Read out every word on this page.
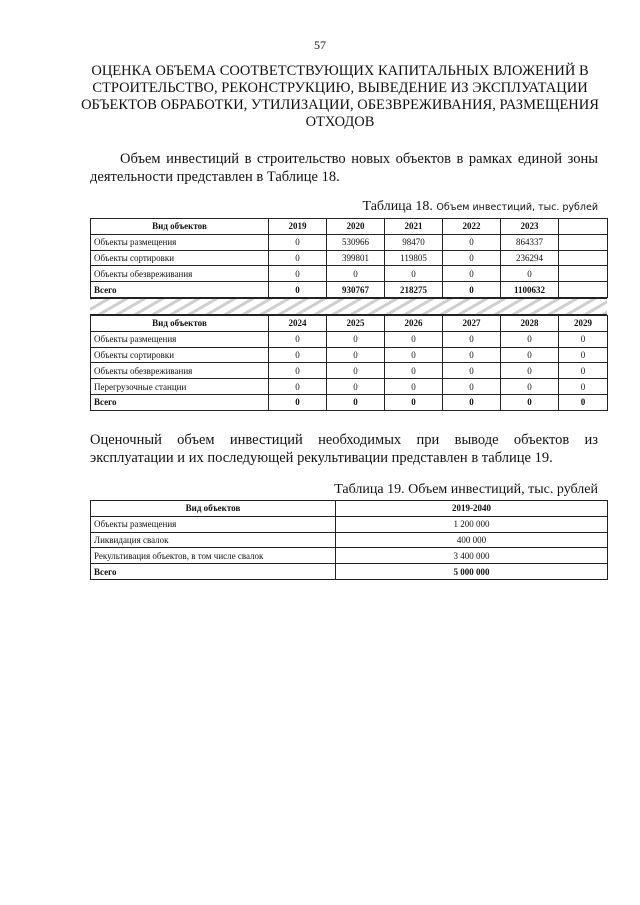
57
ОЦЕНКА ОБЪЕМА СООТВЕТСТВУЮЩИХ КАПИТАЛЬНЫХ ВЛОЖЕНИЙ В СТРОИТЕЛЬСТВО, РЕКОНСТРУКЦИЮ, ВЫВЕДЕНИЕ ИЗ ЭКСПЛУАТАЦИИ ОБЪЕКТОВ ОБРАБОТКИ, УТИЛИЗАЦИИ, ОБЕЗВРЕЖИВАНИЯ, РАЗМЕЩЕНИЯ ОТХОДОВ
Объем инвестиций в строительство новых объектов в рамках единой зоны деятельности представлен в Таблице 18.
Таблица 18. Объем инвестиций, тыс. рублей
Вид объектов	2019	2020	2021	2022	2023	
Объекты размещения	0	530966	98470	0	864337	
Объекты сортировки	0	399801	119805	0	236294	
Объекты обезвреживания	0	0	0	0	0	
Всего	0	930767	218275	0	1100632	
Вид объектов	2024	2025	2026	2027	2028	2029
Объекты размещения	0	0	0	0	0	0
Объекты сортировки	0	0	0	0	0	0
Объекты обезвреживания	0	0	0	0	0	0
Перегрузочные станции	0	0	0	0	0	0
Всего	0	0	0	0	0	0
Оценочный объем инвестиций необходимых при выводе объектов из эксплуатации и их последующей рекультивации представлен в таблице 19.
Таблица 19. Объем инвестиций, тыс. рублей
Вид объектов	2019-2040
Объекты размещения	1 200 000
Ликвидация свалок	400 000
Рекультивация объектов, в том числе свалок	3 400 000
Всего	5 000 000
